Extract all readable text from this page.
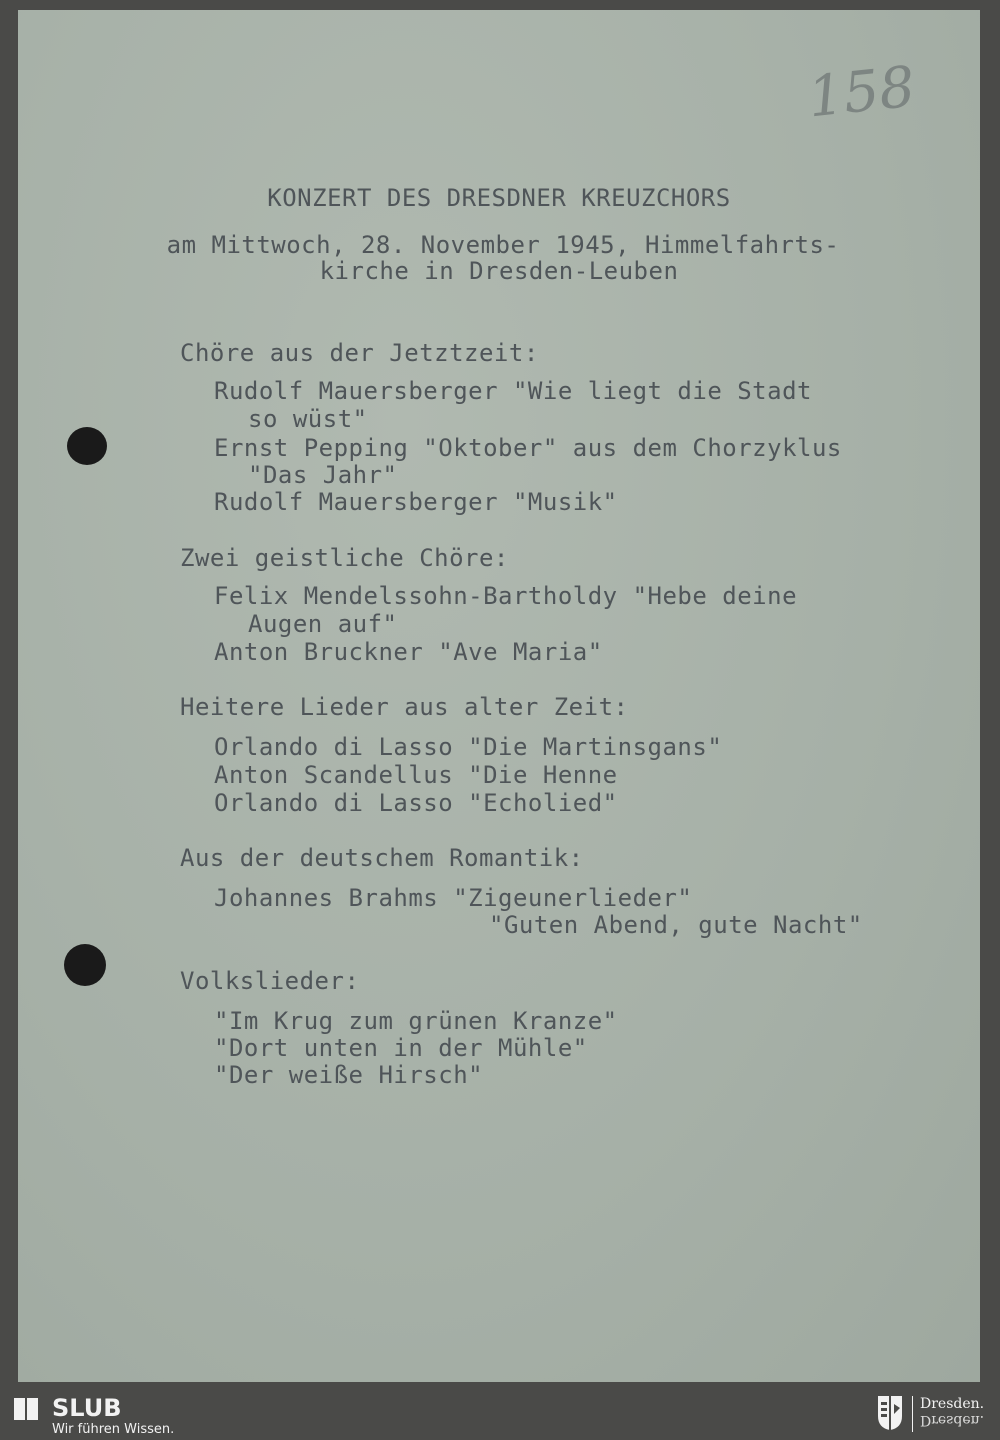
158
KONZERT DES DRESDNER KREUZCHORS
am Mittwoch, 28. November 1945, Himmelfahrts-
kirche in Dresden-Leuben
Chöre aus der Jetztzeit:
Rudolf Mauersberger "Wie liegt die Stadt
so wüst"
Ernst Pepping "Oktober" aus dem Chorzyklus
"Das Jahr"
Rudolf Mauersberger "Musik"
Zwei geistliche Chöre:
Felix Mendelssohn-Bartholdy "Hebe deine
Augen auf"
Anton Bruckner "Ave Maria"
Heitere Lieder aus alter Zeit:
Orlando di Lasso "Die Martinsgans"
Anton Scandellus "Die Henne
Orlando di Lasso "Echolied"
Aus der deutschem Romantik:
Johannes Brahms "Zigeunerlieder"
"Guten Abend, gute Nacht"
Volkslieder:
"Im Krug zum grünen Kranze"
"Dort unten in der Mühle"
"Der weiße Hirsch"
SLUB
Wir führen Wissen.
Dresden.
Dresden.
